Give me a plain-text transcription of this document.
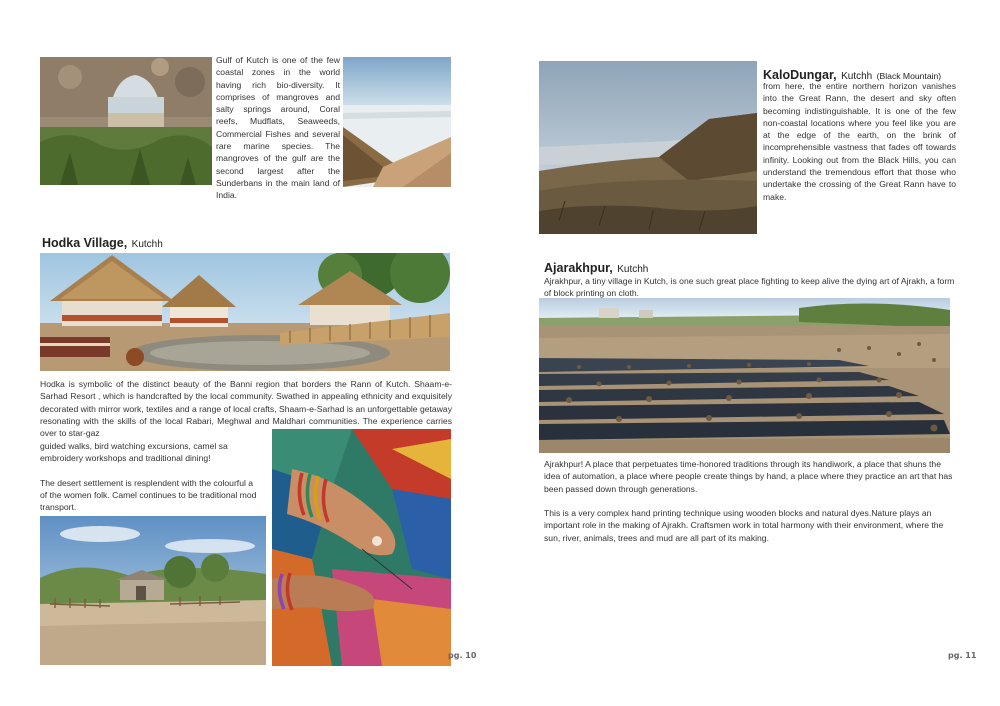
Gulf of Kutch is one of the few coastal zones in the world having rich bio-diversity. It comprises of mangroves and salty springs around, Coral reefs, Mudflats, Seaweeds, Commercial Fishes and several rare marine species. The mangroves of the gulf are the second largest after the Sunderbans in the main land of India.
Hodka Village, Kutchh
Hodka is symbolic of the distinct beauty of the Banni region that borders the Rann of Kutch. Shaam-e-Sarhad Resort , which is handcrafted by the local community. Swathed in appealing ethnicity and exquisitely decorated with mirror work, textiles and a range of local crafts, Shaam-e-Sarhad is an unforgettable getaway resonating with the skills of the local Rabari, Meghwal and Maldhari communities. The experience carries over to star-gaz
guided walks, bird watching excursions, camel sa
embroidery workshops and traditional dining!
The desert settlement is resplendent with the colourful a
of the women folk. Camel continues to be traditional mod
transport.
pg. 10
KaloDungar, Kutchh (Black Mountain)
from here, the entire northern horizon vanishes into the Great Rann, the desert and sky often becoming indistinguishable. It is one of the few non-coastal locations where you feel like you are at the edge of the earth, on the brink of incomprehensible vastness that fades off towards infinity. Looking out from the Black Hills, you can understand the tremendous effort that those who undertake the crossing of the Great Rann have to make.
Ajarakhpur, Kutchh
Ajrakhpur, a tiny village in Kutch, is one such great place fighting to keep alive the dying art of Ajrakh, a form of block printing on cloth.
Ajrakhpur! A place that perpetuates time-honored traditions through its handiwork, a place that shuns the idea of automation, a place where people create things by hand, a place where they practice an art that has been passed down through generations.
This is a very complex hand printing technique using wooden blocks and natural dyes.Nature plays an important role in the making of Ajrakh. Craftsmen work in total harmony with their environment, where the sun, river, animals, trees and mud are all part of its making.
pg. 11
